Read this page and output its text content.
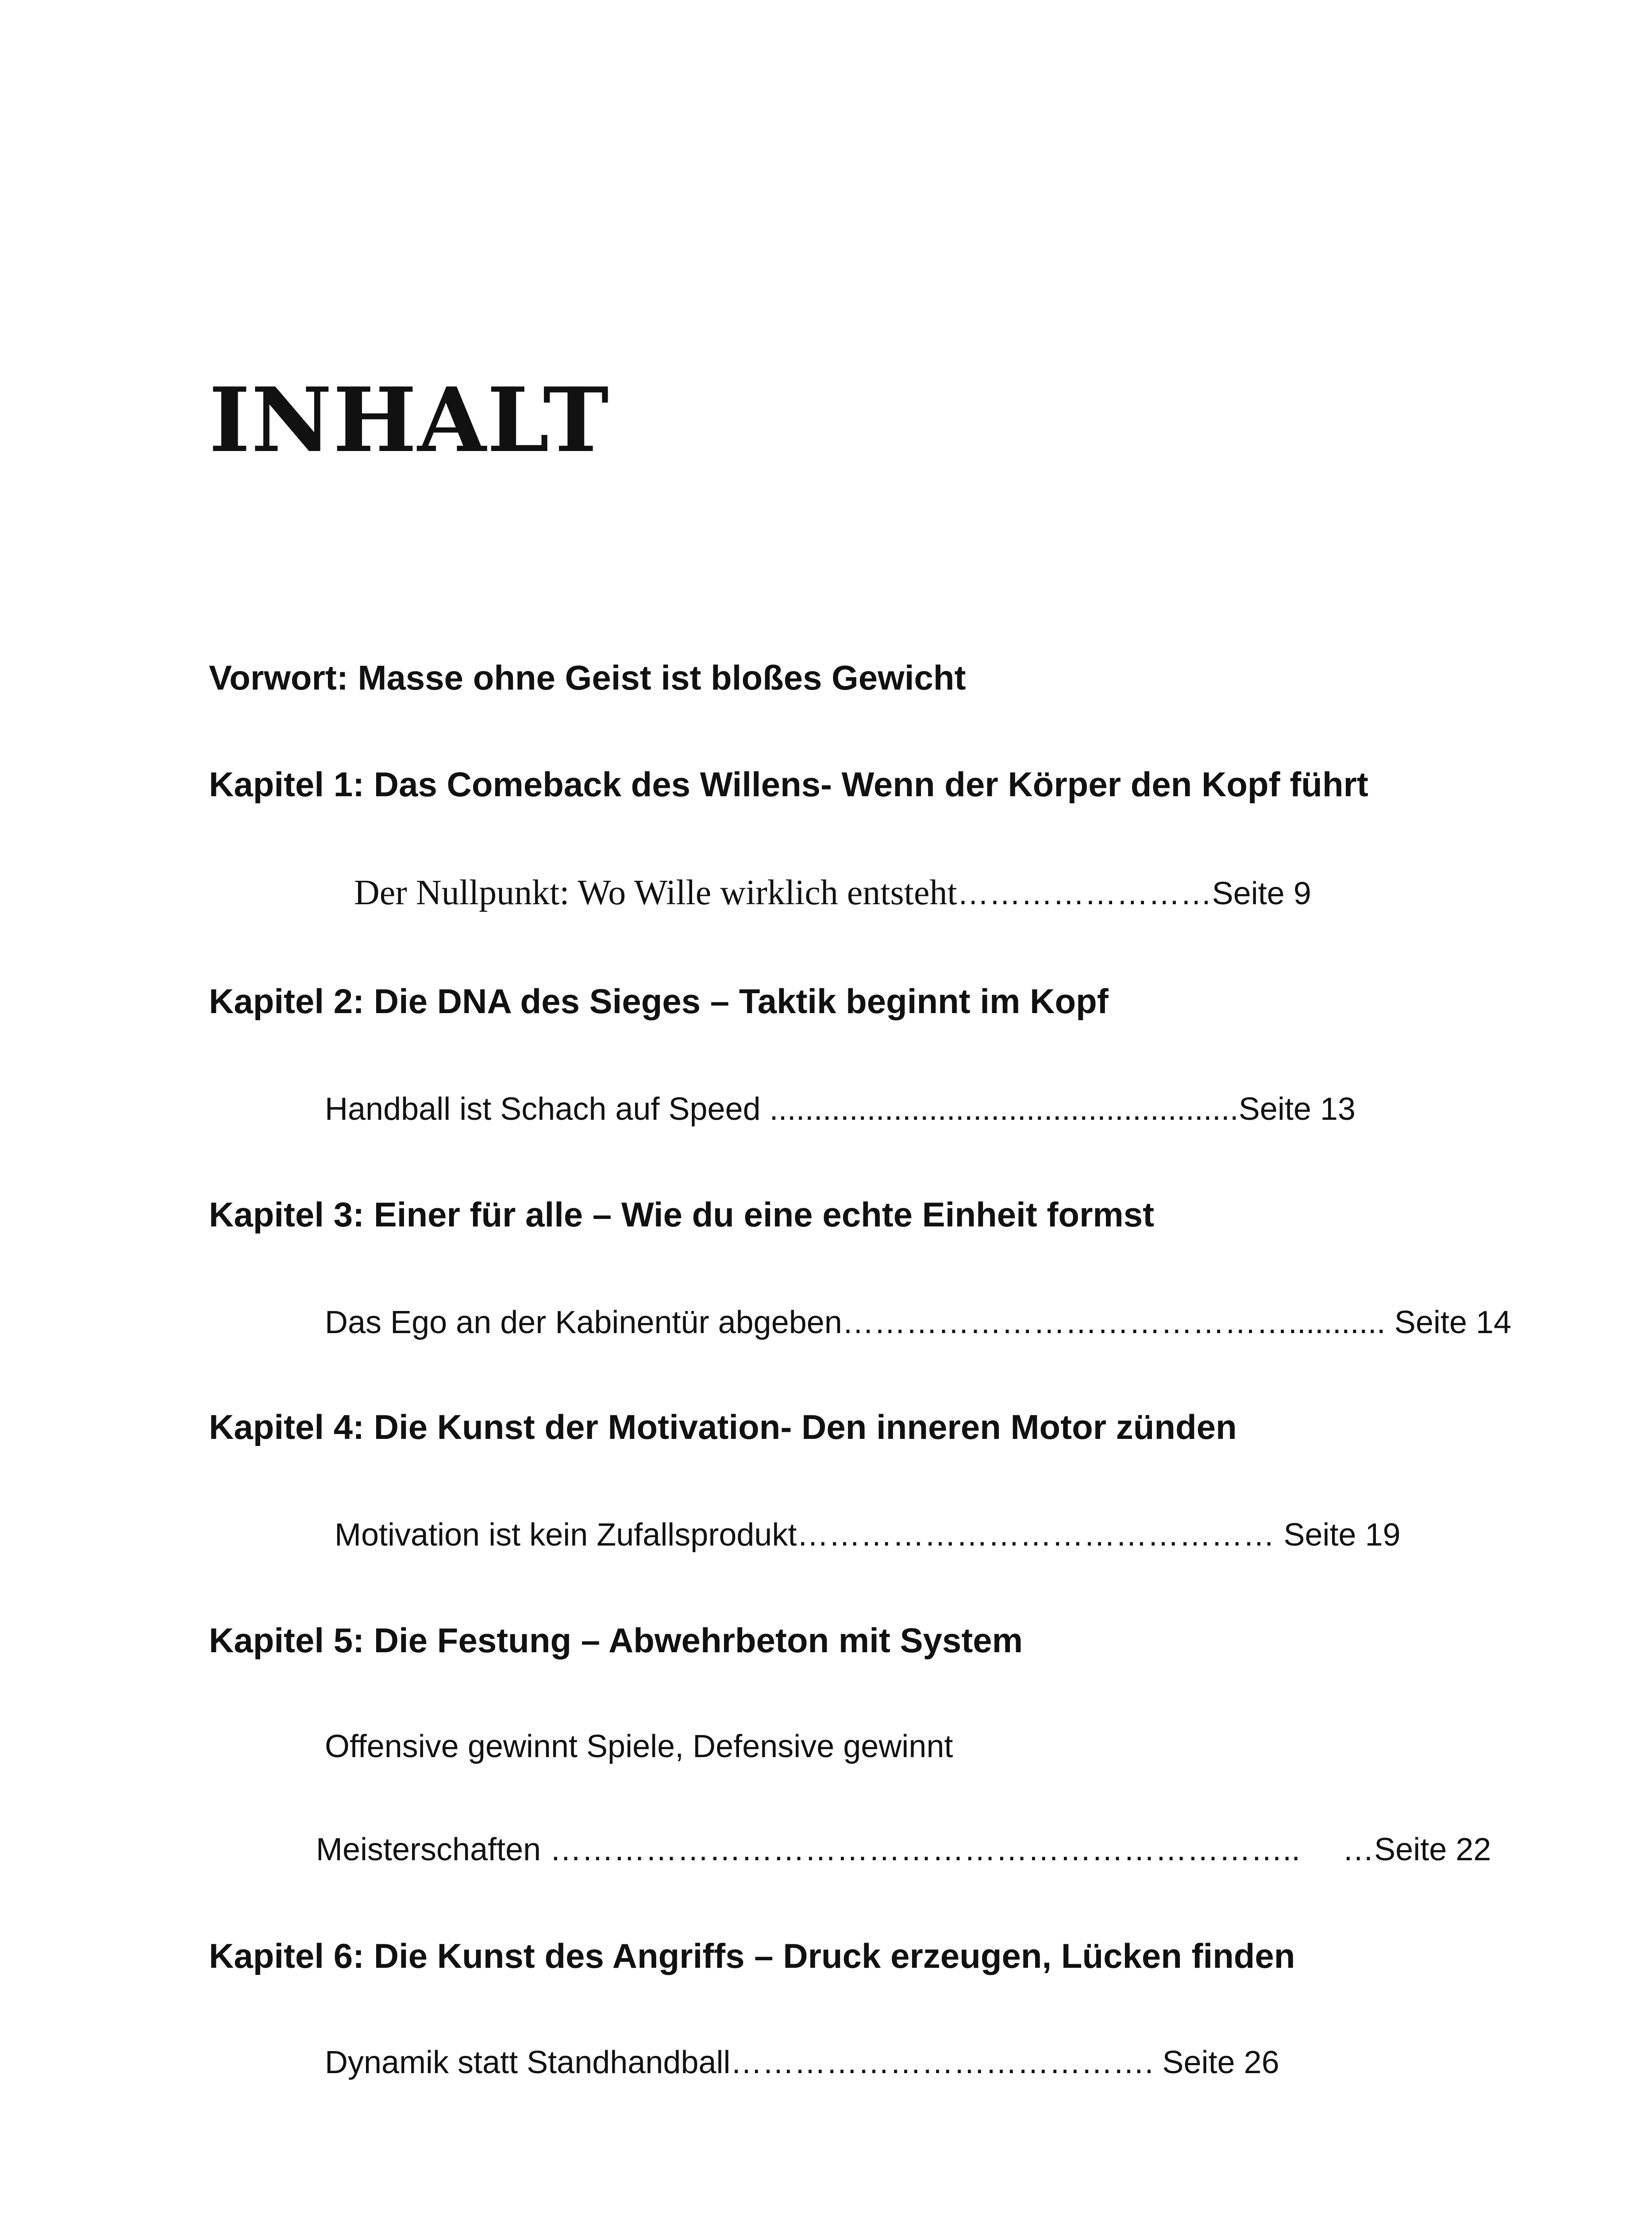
INHALT
Vorwort: Masse ohne Geist ist bloßes Gewicht
Kapitel 1: Das Comeback des Willens- Wenn der Körper den Kopf führt
Der Nullpunkt: Wo Wille wirklich entsteht……………………Seite 9
Kapitel 2: Die DNA des Sieges – Taktik beginnt im Kopf
Handball ist Schach auf Speed .....................................................Seite 13
Kapitel 3: Einer für alle – Wie du eine echte Einheit formst
Das Ego an der Kabinentür abgeben……………………………………........... Seite 14
Kapitel 4: Die Kunst der Motivation- Den inneren Motor zünden
Motivation ist kein Zufallsprodukt……………………………………… Seite 19
Kapitel 5: Die Festung – Abwehrbeton mit System
Offensive gewinnt Spiele, Defensive gewinnt
Meisterschaften …………………………………………………………….. …Seite 22
Kapitel 6: Die Kunst des Angriffs – Druck erzeugen, Lücken finden
Dynamik statt Standhandball…………………………………. Seite 26
